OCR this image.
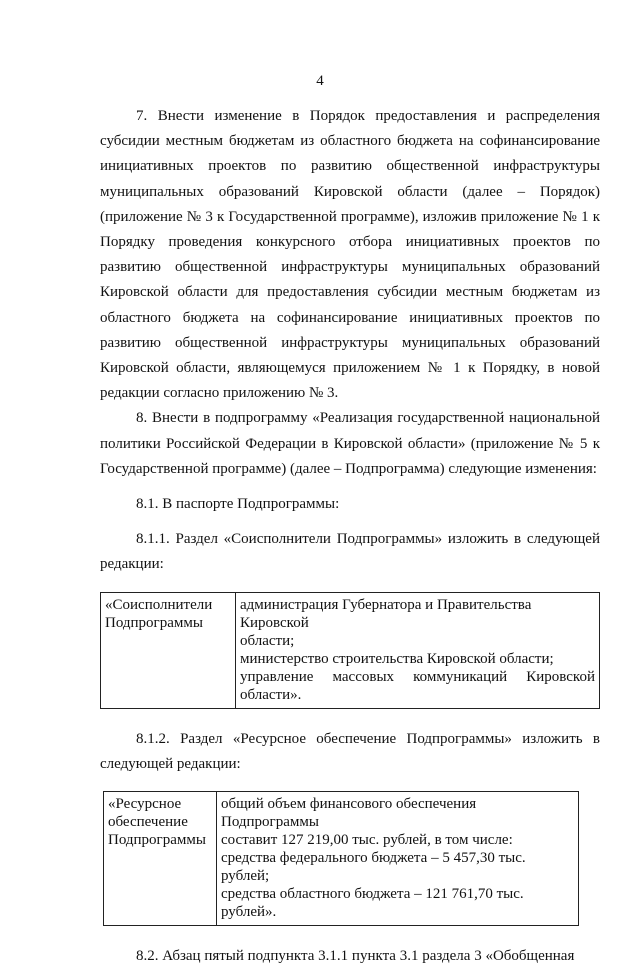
4

7. Внести изменение в Порядок предоставления и распределения субсидии местным бюджетам из областного бюджета на софинансирование инициативных проектов по развитию общественной инфраструктуры муниципальных образований Кировской области (далее – Порядок) (приложение № 3 к Государственной программе), изложив приложение № 1 к Порядку проведения конкурсного отбора инициативных проектов по развитию общественной инфраструктуры муниципальных образований Кировской области для предоставления субсидии местным бюджетам из областного бюджета на софинансирование инициативных проектов по развитию общественной инфраструктуры муниципальных образований Кировской области, являющемуся приложением № 1 к Порядку, в новой редакции согласно приложению № 3.

8. Внести в подпрограмму «Реализация государственной национальной политики Российской Федерации в Кировской области» (приложение № 5 к Государственной программе) (далее – Подпрограмма) следующие изменения:

8.1. В паспорте Подпрограммы:

8.1.1. Раздел «Соисполнители Подпрограммы» изложить в следующей редакции:

«Соисполнители
Подпрограммы

администрация Губернатора и Правительства Кировской
области;
министерство строительства Кировской области;
управление массовых коммуникаций Кировской
области».

8.1.2. Раздел «Ресурсное обеспечение Подпрограммы» изложить в следующей редакции:

«Ресурсное
обеспечение
Подпрограммы

общий объем финансового обеспечения Подпрограммы
составит 127 219,00 тыс. рублей, в том числе:
средства федерального бюджета – 5 457,30 тыс. рублей;
средства областного бюджета – 121 761,70 тыс. рублей».

8.2. Абзац пятый подпункта 3.1.1 пункта 3.1 раздела 3 «Обобщенная
